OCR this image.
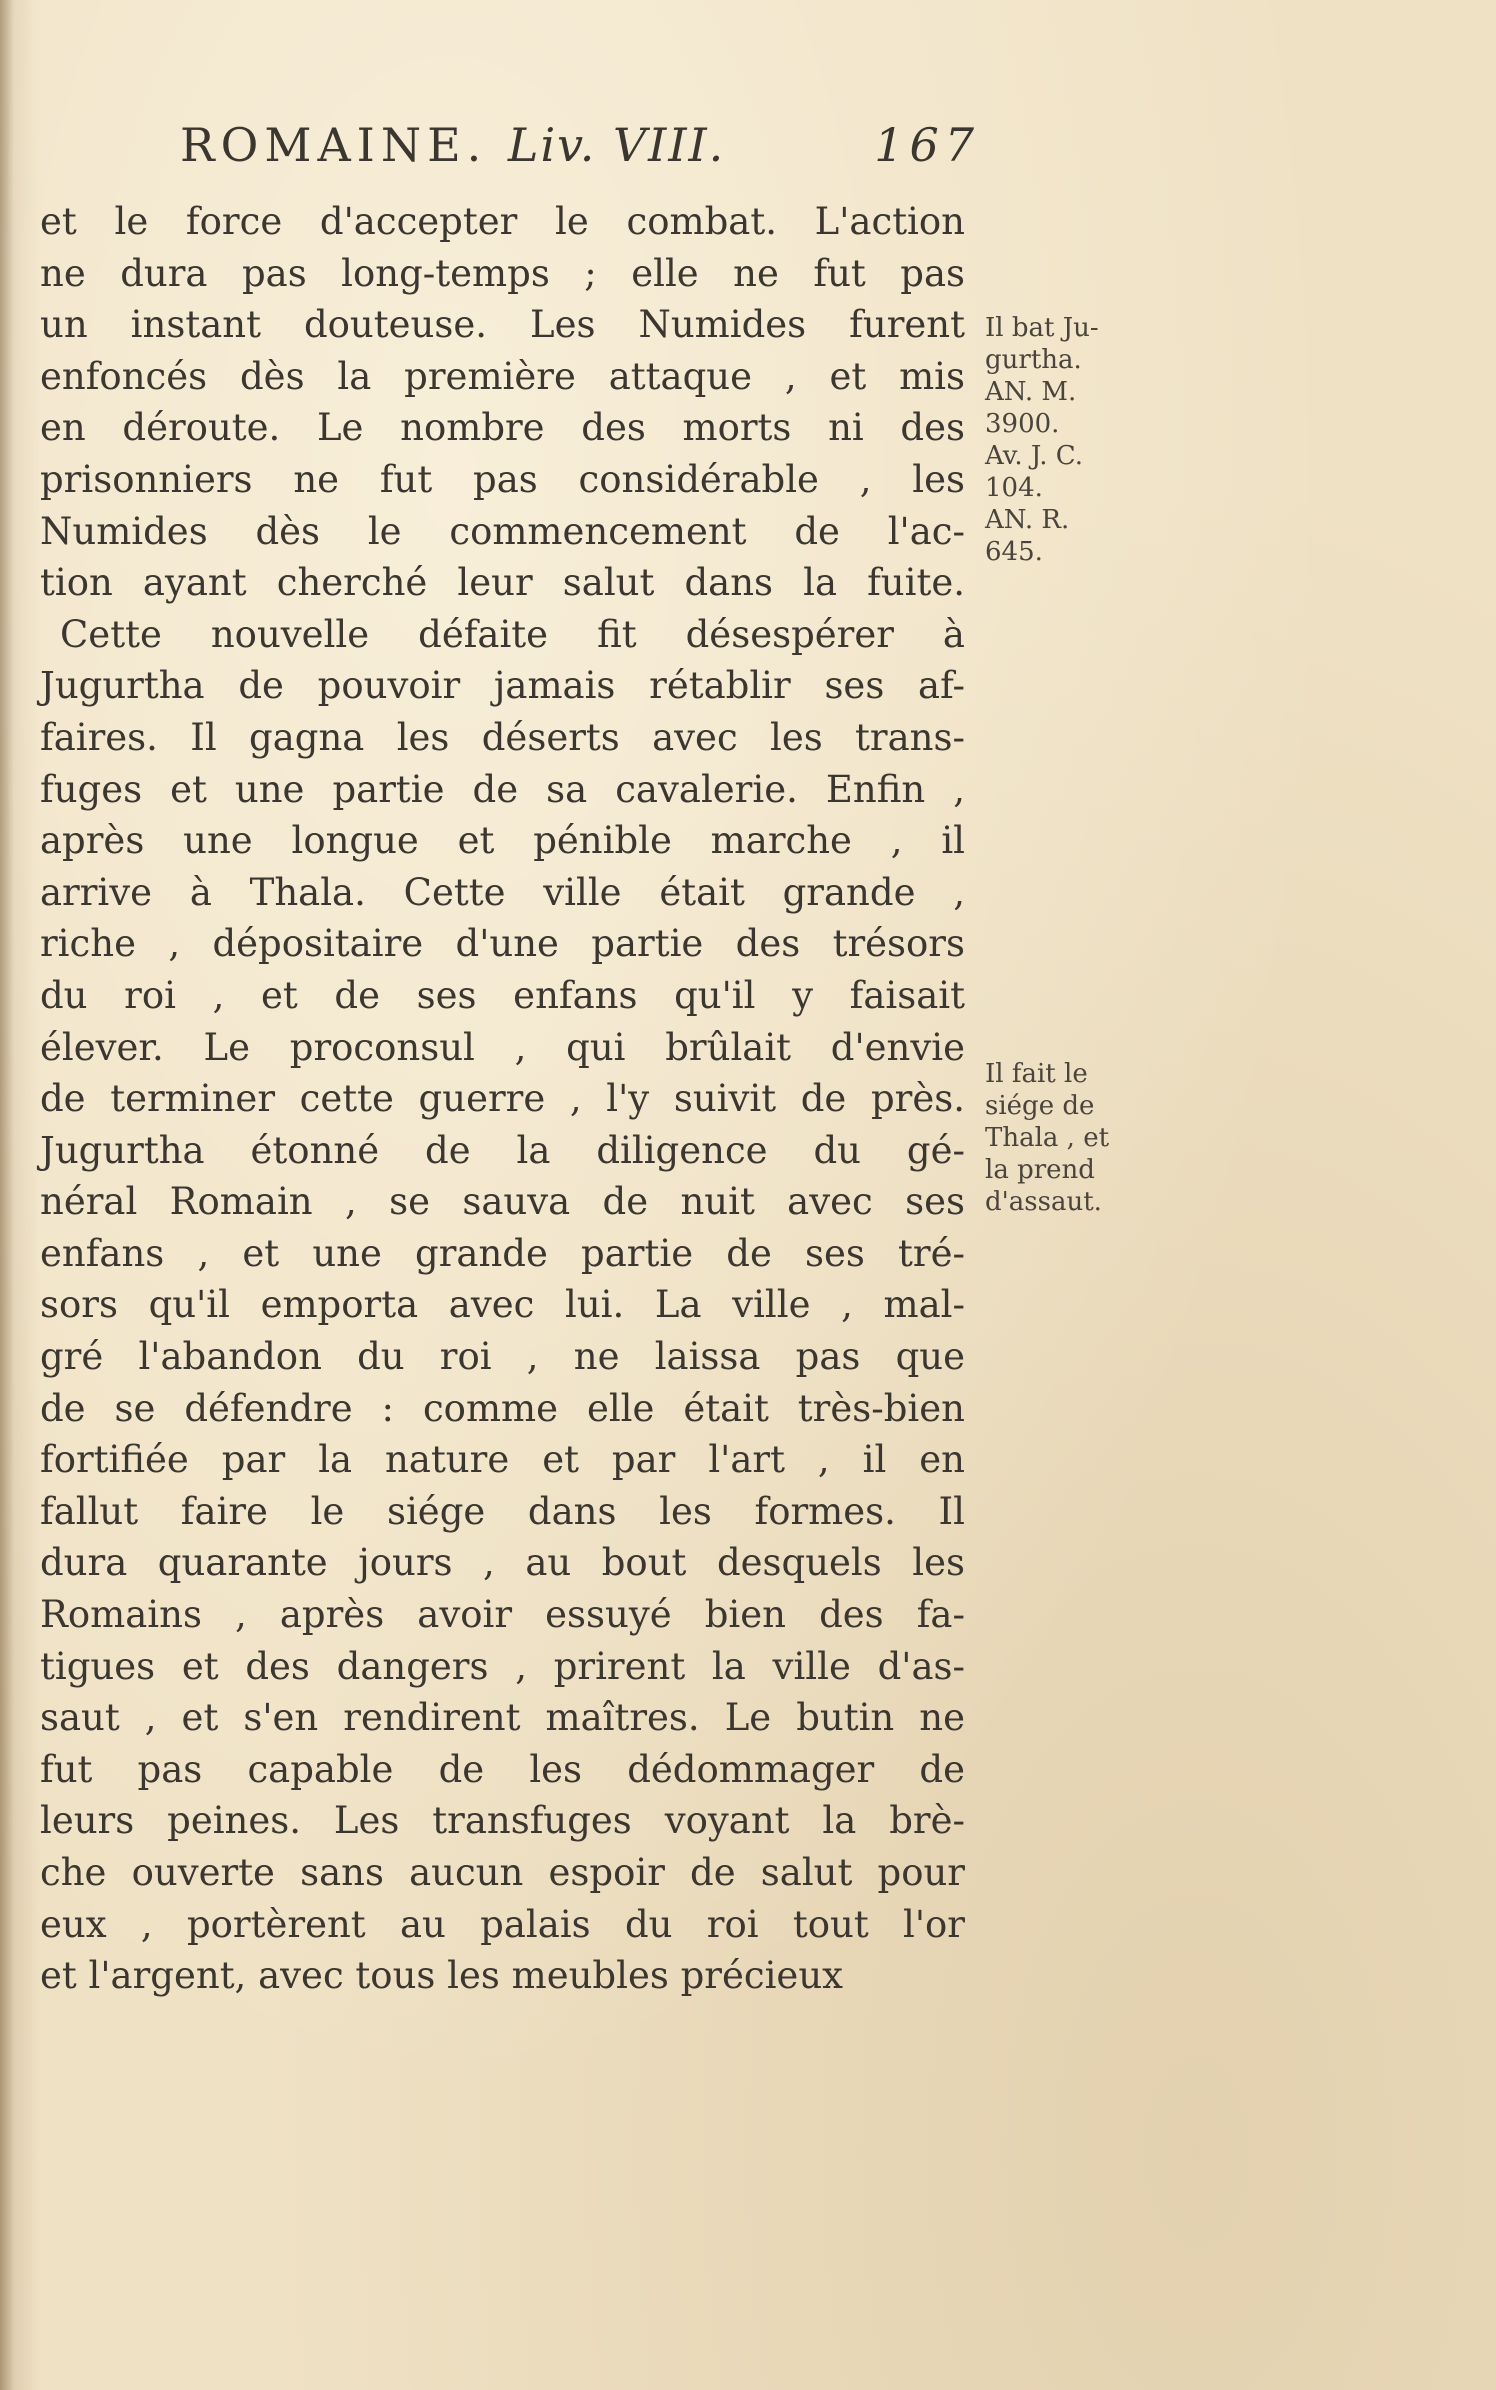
ROMAINE. Liv. VIII.	167
et le force d'accepter le combat. L'action
ne dura pas long-temps ; elle ne fut pas
un instant douteuse. Les Numides furent
enfoncés dès la première attaque , et mis
en déroute. Le nombre des morts ni des
prisonniers ne fut pas considérable , les
Numides dès le commencement de l'ac-
tion ayant cherché leur salut dans la fuite.
Cette nouvelle défaite fit désespérer à
Jugurtha de pouvoir jamais rétablir ses af-
faires. Il gagna les déserts avec les trans-
fuges et une partie de sa cavalerie. Enfin ,
après une longue et pénible marche , il
arrive à Thala. Cette ville était grande ,
riche , dépositaire d'une partie des trésors
du roi , et de ses enfans qu'il y faisait
élever. Le proconsul , qui brûlait d'envie
de terminer cette guerre , l'y suivit de près.
Jugurtha étonné de la diligence du gé-
néral Romain , se sauva de nuit avec ses
enfans , et une grande partie de ses tré-
sors qu'il emporta avec lui. La ville , mal-
gré l'abandon du roi , ne laissa pas que
de se défendre : comme elle était très-bien
fortifiée par la nature et par l'art , il en
fallut faire le siége dans les formes. Il
dura quarante jours , au bout desquels les
Romains , après avoir essuyé bien des fa-
tigues et des dangers , prirent la ville d'as-
saut , et s'en rendirent maîtres. Le butin ne
fut pas capable de les dédommager de
leurs peines. Les transfuges voyant la brè-
che ouverte sans aucun espoir de salut pour
eux , portèrent au palais du roi tout l'or
et l'argent, avec tous les meubles précieux
Il bat Ju-
gurtha.
AN. M.
3900.
Av. J. C.
104.
AN. R.
645.
Il fait le
siége de
Thala , et
la prend
d'assaut.
